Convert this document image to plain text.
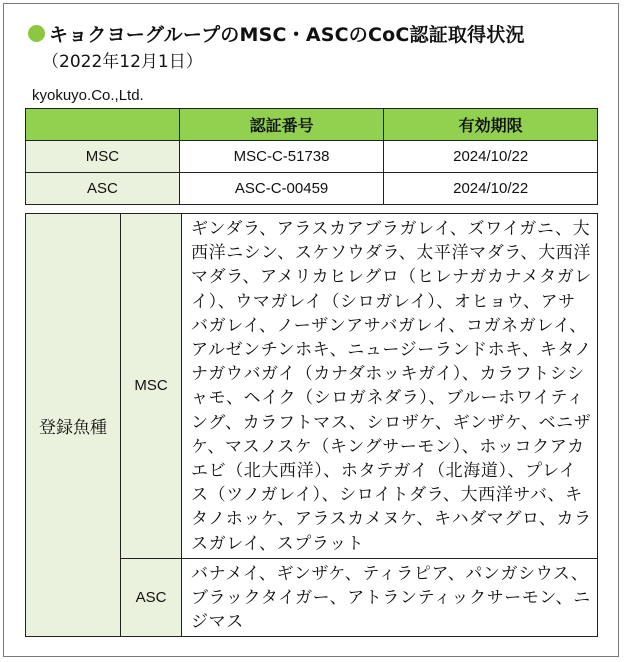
キョクヨーグループのMSC・ASCのCoC認証取得状況
（2022年12月1日）
kyokuyo.Co.,Ltd.
	認証番号	有効期限
MSC	MSC-C-51738	2024/10/22
ASC	ASC-C-00459	2024/10/22
登録魚種	MSC	ギンダラ、アラスカアブラガレイ、ズワイガニ、大西洋ニシン、スケソウダラ、太平洋マダラ、大西洋マダラ、アメリカヒレグロ（ヒレナガカナメタガレイ）、ウマガレイ（シロガレイ）、オヒョウ、アサバガレイ、ノーザンアサバガレイ、コガネガレイ、アルゼンチンホキ、ニュージーランドホキ、キタノナガウバガイ（カナダホッキガイ）、カラフトシシャモ、ヘイク（シロガネダラ）、ブルーホワイティング、カラフトマス、シロザケ、ギンザケ、ベニザケ、マスノスケ（キングサーモン）、ホッコクアカエビ（北大西洋）、ホタテガイ（北海道）、プレイス（ツノガレイ）、シロイトダラ、大西洋サバ、キタノホッケ、アラスカメヌケ、キハダマグロ、カラスガレイ、スプラット
	ASC	バナメイ、ギンザケ、ティラピア、パンガシウス、ブラックタイガー、アトランティックサーモン、ニジマス
